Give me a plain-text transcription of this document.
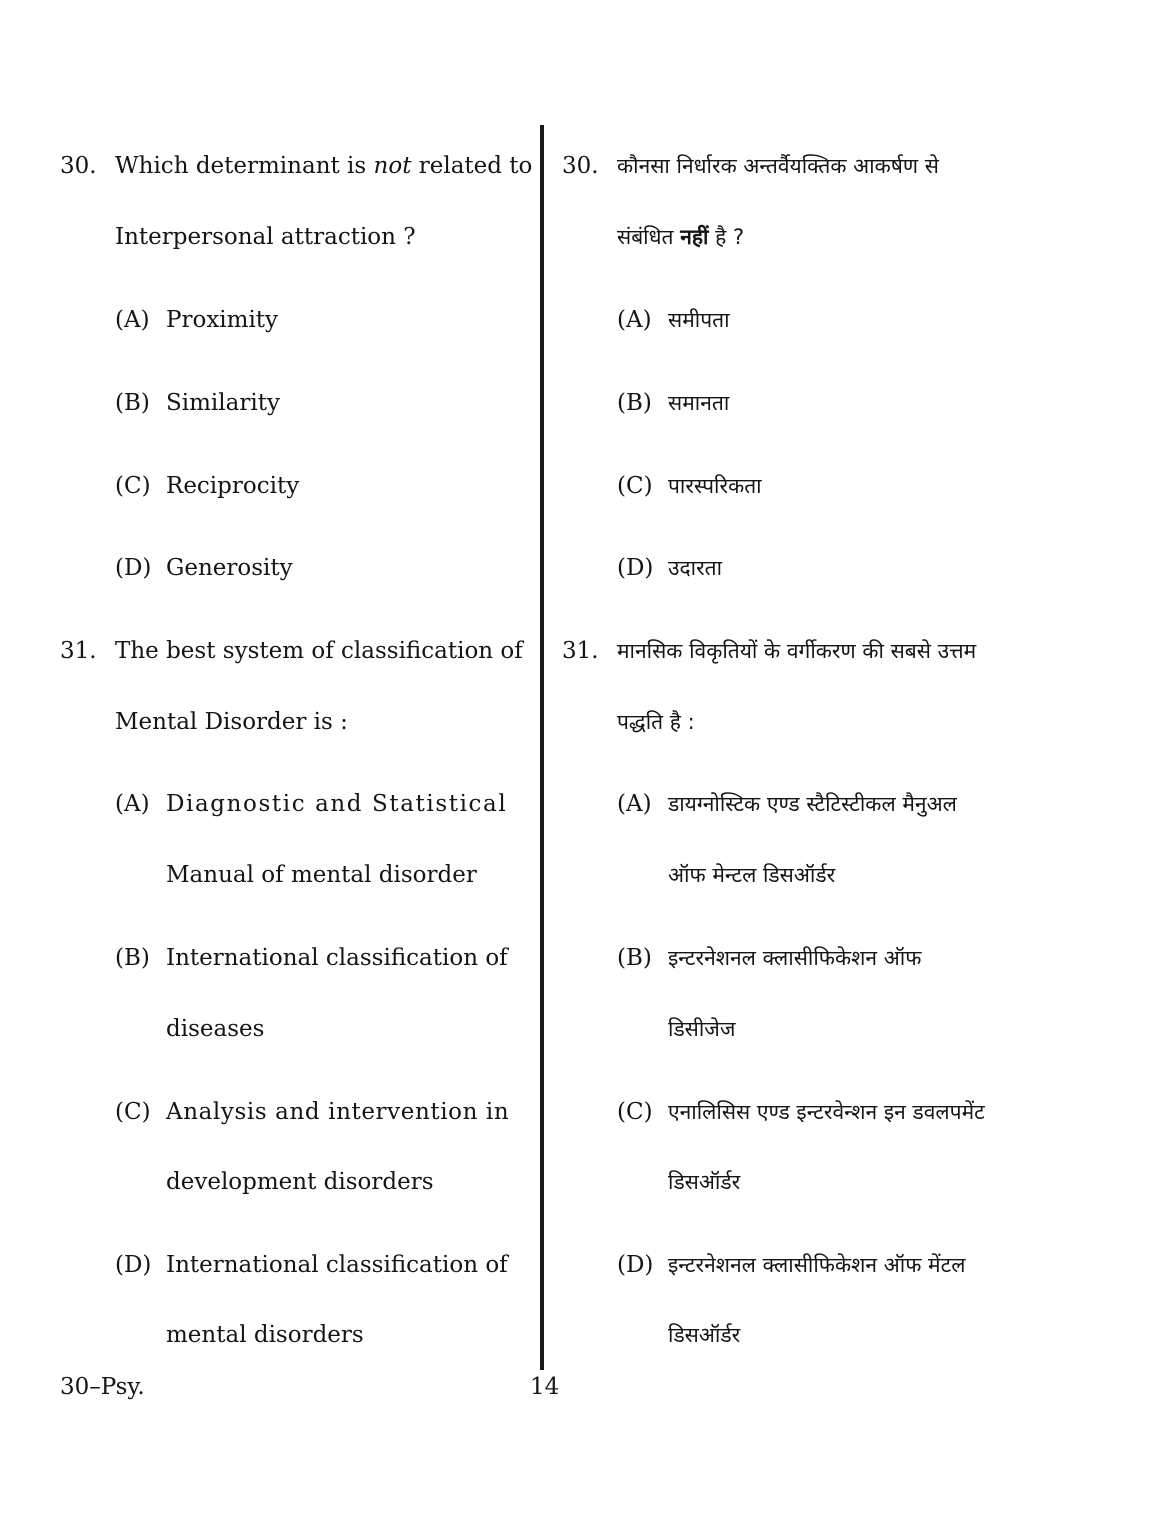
30. Which determinant is not related to
Interpersonal attraction ?
(A) Proximity
(B) Similarity
(C) Reciprocity
(D) Generosity
31. The best system of classification of
Mental Disorder is :
(A) Diagnostic and Statistical
Manual of mental disorder
(B) International classification of
diseases
(C) Analysis and intervention in
development disorders
(D) International classification of
mental disorders
30. कौनसा निर्धारक अन्तर्वैयक्तिक आकर्षण से
संबंधित नहीं है ?
(A) समीपता
(B) समानता
(C) पारस्परिकता
(D) उदारता
31. मानसिक विकृतियों के वर्गीकरण की सबसे उत्तम
पद्धति है :
(A) डायग्नोस्टिक एण्ड स्टैटिस्टीकल मैनुअल
ऑफ मेन्टल डिसऑर्डर
(B) इन्टरनेशनल क्लासीफिकेशन ऑफ
डिसीजेज
(C) एनालिसिस एण्ड इन्टरवेन्शन इन डवलपमेंट
डिसऑर्डर
(D) इन्टरनेशनल क्लासीफिकेशन ऑफ मेंटल
डिसऑर्डर
30–Psy.	14
